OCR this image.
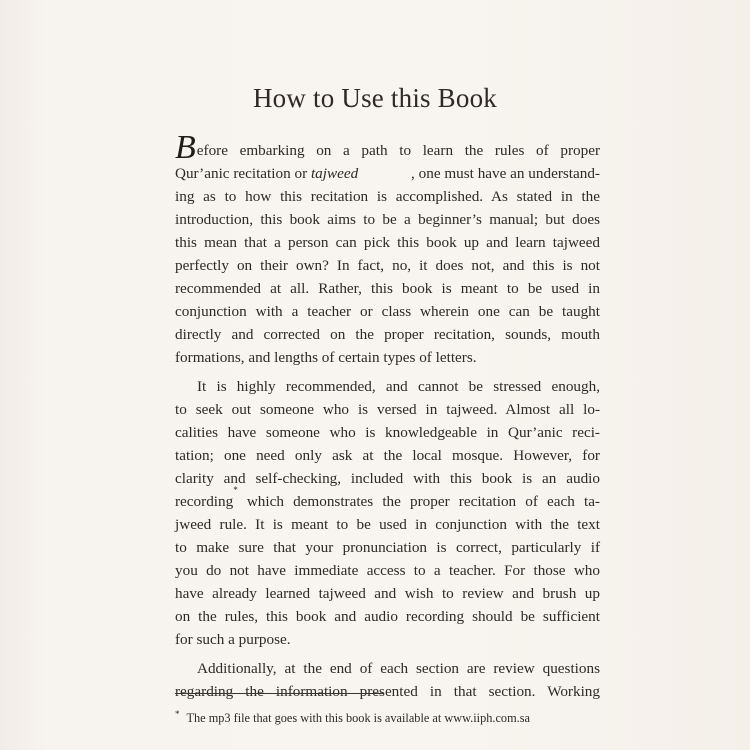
How to Use this Book
B efore embarking on a path to learn the rules of proper
Qur’anic recitation or tajweed	, one must have an understand-
ing as to how this recitation is accomplished. As stated in the
introduction, this book aims to be a beginner’s manual; but does
this mean that a person can pick this book up and learn tajweed
perfectly on their own? In fact, no, it does not, and this is not
recommended at all. Rather, this book is meant to be used in
conjunction with a teacher or class wherein one can be taught
directly and corrected on the proper recitation, sounds, mouth
formations, and lengths of certain types of letters.
It is highly recommended, and cannot be stressed enough,
to seek out someone who is versed in tajweed. Almost all lo-
calities have someone who is knowledgeable in Qur’anic reci-
tation; one need only ask at the local mosque. However, for
clarity and self-checking, included with this book is an audio
recording
*
which demonstrates the proper recitation of each ta-
jweed rule. It is meant to be used in conjunction with the text
to make sure that your pronunciation is correct, particularly if
you do not have immediate access to a teacher. For those who
have already learned tajweed and wish to review and brush up
on the rules, this book and audio recording should be sufficient
for such a purpose.
Additionally, at the end of each section are review questions
regarding the information presented in that section. Working
* The mp3 file that goes with this book is available at www.iiph.com.sa
